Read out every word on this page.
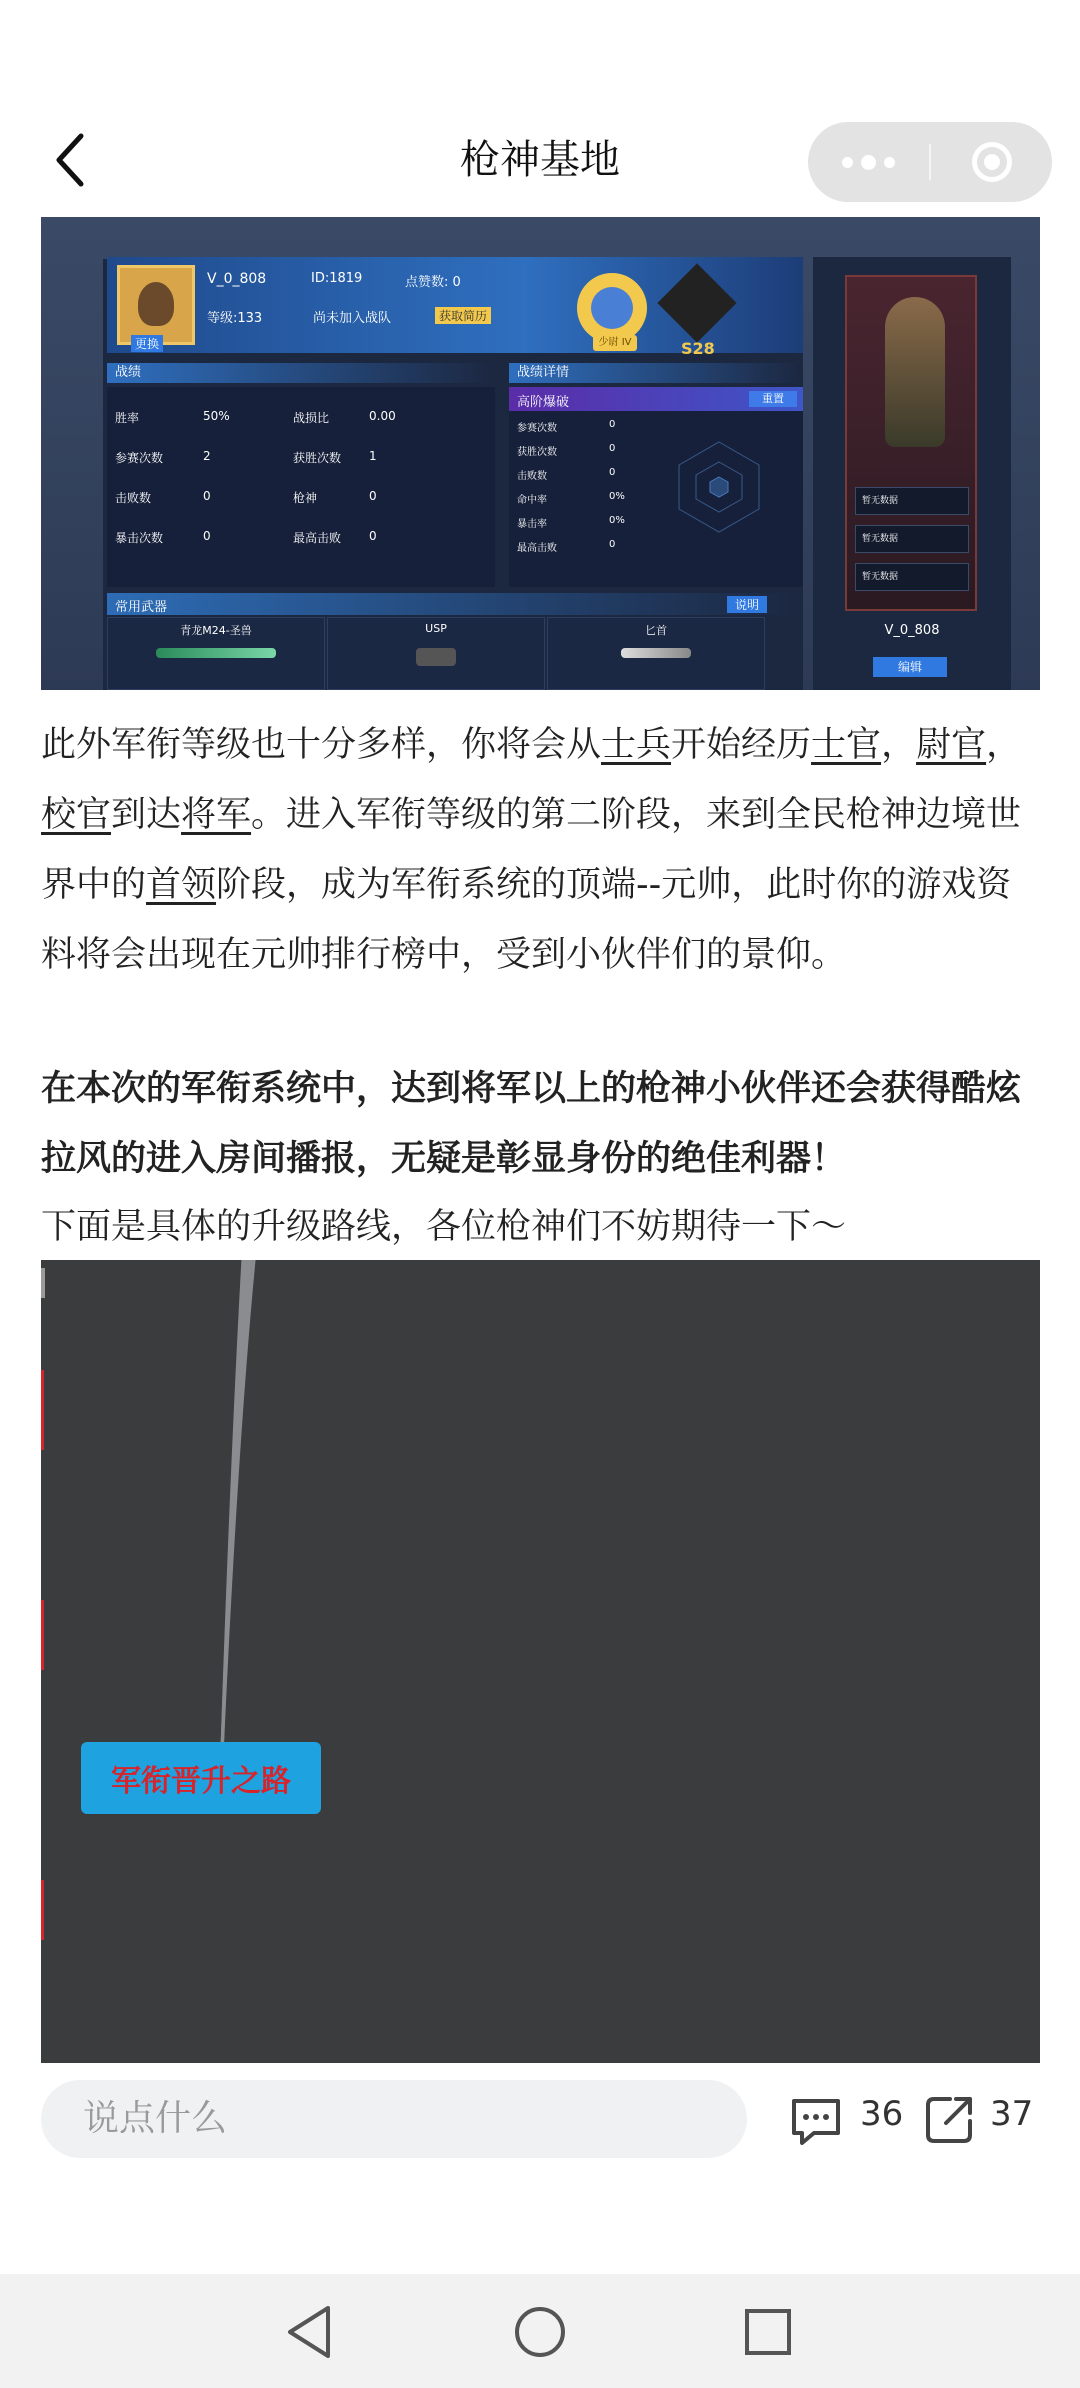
枪神基地
V_0_808	ID:1819	点赞数: 0
等级:133	尚未加入战队	获取简历
更换	少尉 IV	S28
战绩
胜率	50%	战损比	0.00
参赛次数	2	获胜次数 1
击败数	0	枪神	0
暴击次数	0	最高击败 0
战绩详情
高阶爆破	重置
参赛次数	0
获胜次数	0
击败数	0
命中率	0%
暴击率	0%
最高击败	0
常用武器	说明
青龙M24-圣兽	USP	匕首
暂无数据
暂无数据
暂无数据
V_0_808
编辑
此外军衔等级也十分多样，你将会从士兵开始经历士官，尉官，校官到达将军。进入军衔等级的第二阶段，来到全民枪神边境世界中的首领阶段，成为军衔系统的顶端--元帅，此时你的游戏资料将会出现在元帅排行榜中，受到小伙伴们的景仰。
在本次的军衔系统中，达到将军以上的枪神小伙伴还会获得酷炫拉风的进入房间播报，无疑是彰显身份的绝佳利器！
下面是具体的升级路线，各位枪神们不妨期待一下～
军衔晋升之路
说点什么	36	37
